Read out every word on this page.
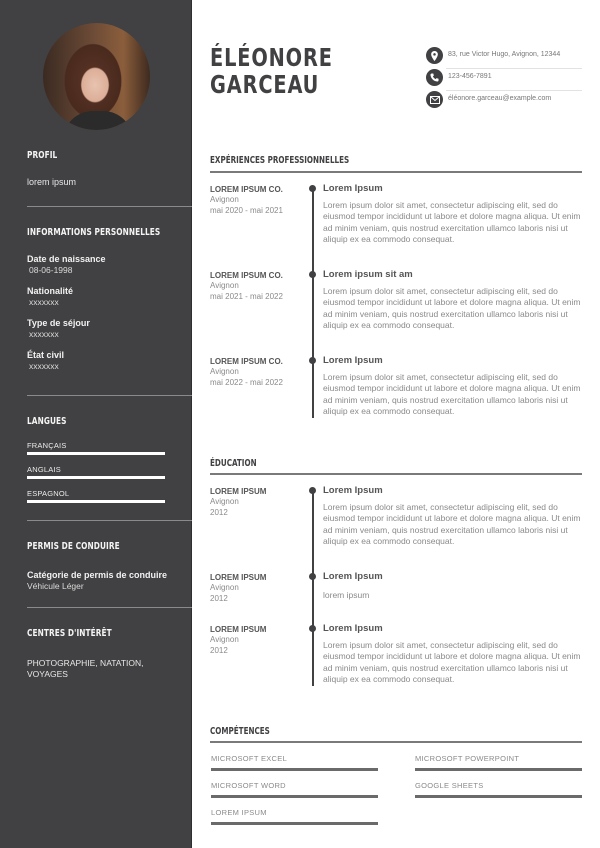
PROFIL
lorem ipsum
INFORMATIONS PERSONNELLES
Date de naissance
08-06-1998
Nationalité
xxxxxxx
Type de séjour
xxxxxxx
État civil
xxxxxxx
LANGUES
FRANÇAIS
ANGLAIS
ESPAGNOL
PERMIS DE CONDUIRE
Catégorie de permis de conduire
Véhicule Léger
CENTRES D'INTÉRÊT
PHOTOGRAPHIE, NATATION,
VOYAGES
ÉLÉONORE
GARCEAU
83, rue Victor Hugo, Avignon, 12344
123-456-7891
éléonore.garceau@example.com
EXPÉRIENCES PROFESSIONNELLES
LOREM IPSUM CO.
Avignon
mai 2020 - mai 2021
Lorem Ipsum
Lorem ipsum dolor sit amet, consectetur adipiscing elit, sed do eiusmod tempor incididunt ut labore et dolore magna aliqua. Ut enim ad minim veniam, quis nostrud exercitation ullamco laboris nisi ut aliquip ex ea commodo consequat.
LOREM IPSUM CO.
Avignon
mai 2021 - mai 2022
Lorem ipsum sit am
Lorem ipsum dolor sit amet, consectetur adipiscing elit, sed do eiusmod tempor incididunt ut labore et dolore magna aliqua. Ut enim ad minim veniam, quis nostrud exercitation ullamco laboris nisi ut aliquip ex ea commodo consequat.
LOREM IPSUM CO.
Avignon
mai 2022 - mai 2022
Lorem Ipsum
Lorem ipsum dolor sit amet, consectetur adipiscing elit, sed do eiusmod tempor incididunt ut labore et dolore magna aliqua. Ut enim ad minim veniam, quis nostrud exercitation ullamco laboris nisi ut aliquip ex ea commodo consequat.
ÉDUCATION
LOREM IPSUM
Avignon
2012
Lorem Ipsum
Lorem ipsum dolor sit amet, consectetur adipiscing elit, sed do eiusmod tempor incididunt ut labore et dolore magna aliqua. Ut enim ad minim veniam, quis nostrud exercitation ullamco laboris nisi ut aliquip ex ea commodo consequat.
LOREM IPSUM
Avignon
2012
Lorem Ipsum
lorem ipsum
LOREM IPSUM
Avignon
2012
Lorem Ipsum
Lorem ipsum dolor sit amet, consectetur adipiscing elit, sed do eiusmod tempor incididunt ut labore et dolore magna aliqua. Ut enim ad minim veniam, quis nostrud exercitation ullamco laboris nisi ut aliquip ex ea commodo consequat.
COMPÉTENCES
MICROSOFT EXCEL	MICROSOFT POWERPOINT
MICROSOFT WORD	GOOGLE SHEETS
LOREM IPSUM
